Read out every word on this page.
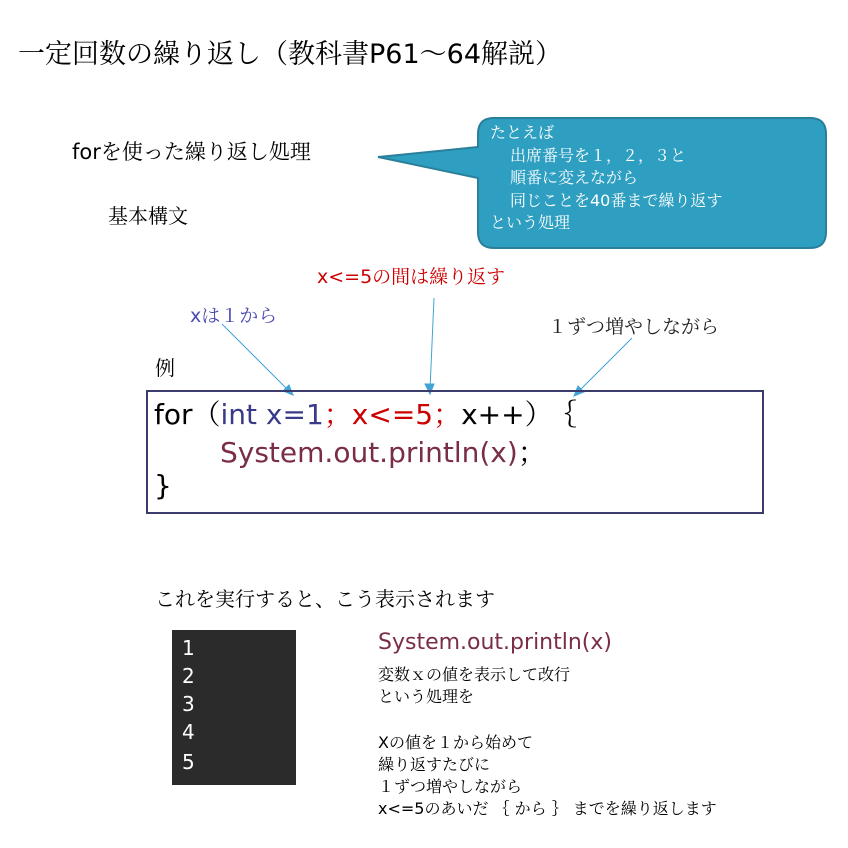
一定回数の繰り返し（教科書P61～64解説）
forを使った繰り返し処理
基本構文
たとえば
出席番号を１，２，３と
順番に変えながら
同じことを40番まで繰り返す
という処理
x<=5の間は繰り返す
xは１から	１ずつ増やしながら
例
for（int x=1；x<=5；x++） ｛
System.out.println(x)；
}
これを実行すると、こう表示されます
1
2
3
4
5
System.out.println(x)
変数ｘの値を表示して改行
という処理を
Xの値を１から始めて
繰り返すたびに
１ずつ増やしながら
x<=5のあいだ ｛ から ｝ までを繰り返します
